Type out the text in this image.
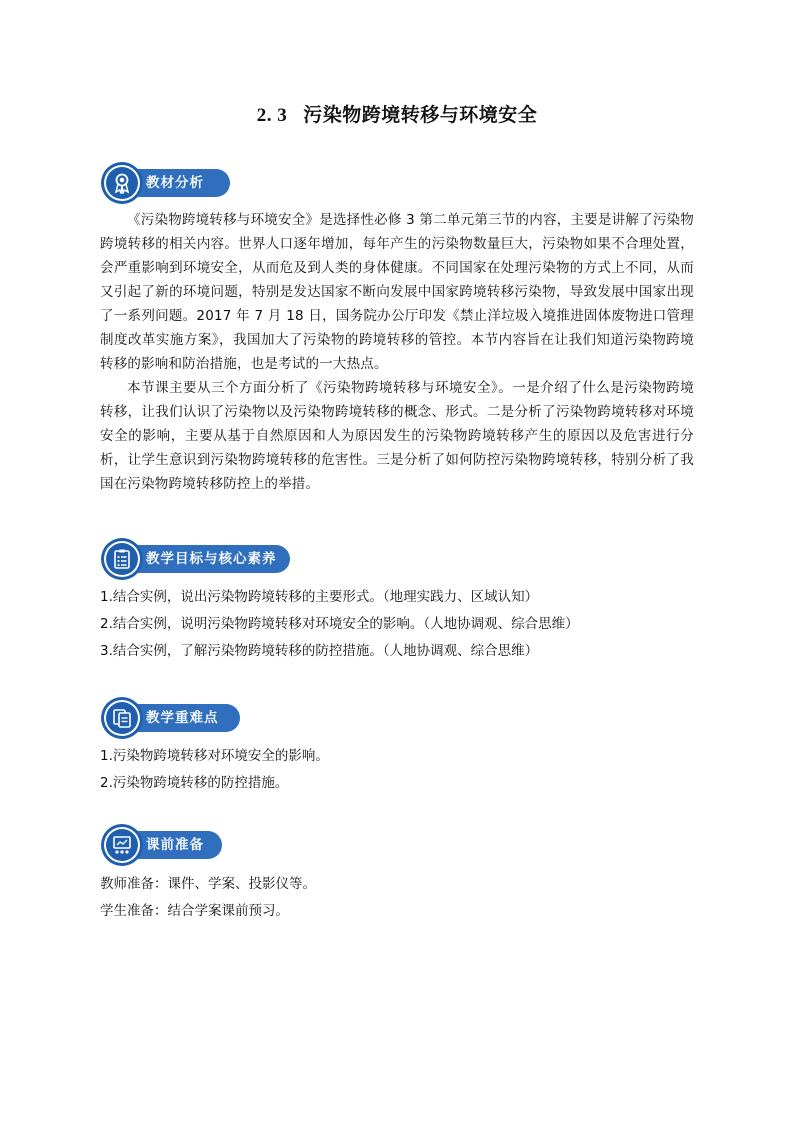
2. 3 污染物跨境转移与环境安全
教材分析

《污染物跨境转移与环境安全》是选择性必修 3 第二单元第三节的内容，主要是讲解了污染物跨境转移的相关内容。世界人口逐年增加，每年产生的污染物数量巨大，污染物如果不合理处置，会严重影响到环境安全，从而危及到人类的身体健康。不同国家在处理污染物的方式上不同，从而又引起了新的环境问题，特别是发达国家不断向发展中国家跨境转移污染物，导致发展中国家出现了一系列问题。2017 年 7 月 18 日，国务院办公厅印发《禁止洋垃圾入境推进固体废物进口管理制度改革实施方案》，我国加大了污染物的跨境转移的管控。本节内容旨在让我们知道污染物跨境转移的影响和防治措施，也是考试的一大热点。

本节课主要从三个方面分析了《污染物跨境转移与环境安全》。一是介绍了什么是污染物跨境转移，让我们认识了污染物以及污染物跨境转移的概念、形式。二是分析了污染物跨境转移对环境安全的影响，主要从基于自然原因和人为原因发生的污染物跨境转移产生的原因以及危害进行分析，让学生意识到污染物跨境转移的危害性。三是分析了如何防控污染物跨境转移，特别分析了我国在污染物跨境转移防控上的举措。

教学目标与核心素养

1.结合实例，说出污染物跨境转移的主要形式。（地理实践力、区域认知）

2.结合实例，说明污染物跨境转移对环境安全的影响。（人地协调观、综合思维）

3.结合实例，了解污染物跨境转移的防控措施。（人地协调观、综合思维）

教学重难点

1.污染物跨境转移对环境安全的影响。

2.污染物跨境转移的防控措施。

课前准备

教师准备：课件、学案、投影仪等。

学生准备：结合学案课前预习。
